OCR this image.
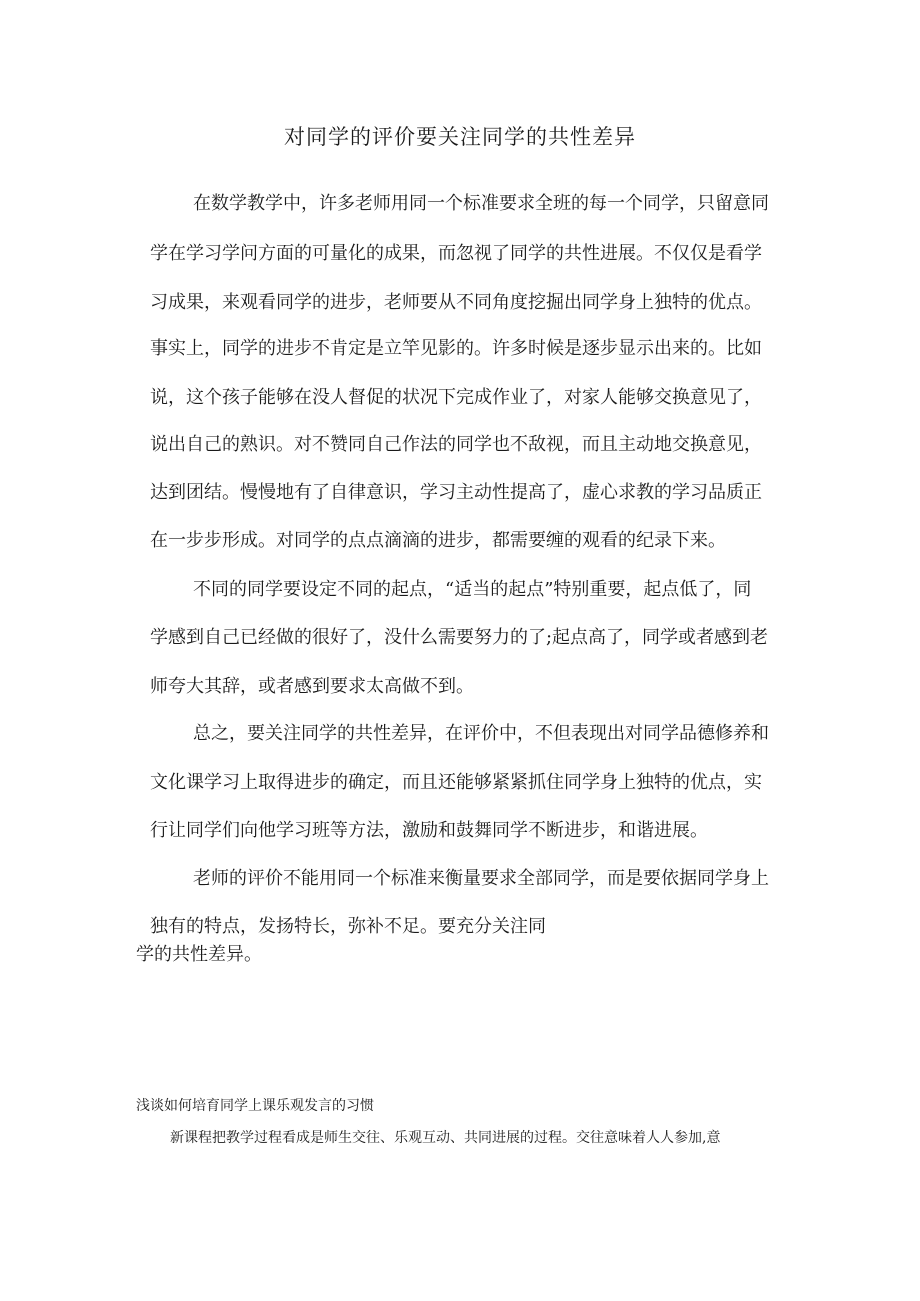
对同学的评价要关注同学的共性差异
在数学教学中，许多老师用同一个标准要求全班的每一个同学，只留意同
学在学习学问方面的可量化的成果，而忽视了同学的共性进展。不仅仅是看学
习成果，来观看同学的进步，老师要从不同角度挖掘出同学身上独特的优点。
事实上，同学的进步不肯定是立竿见影的。许多时候是逐步显示出来的。比如
说，这个孩子能够在没人督促的状况下完成作业了，对家人能够交换意见了，
说出自己的熟识。对不赞同自己作法的同学也不敌视，而且主动地交换意见，
达到团结。慢慢地有了自律意识，学习主动性提高了，虚心求教的学习品质正
在一步步形成。对同学的点点滴滴的进步，都需要缠的观看的纪录下来。
不同的同学要设定不同的起点，“适当的起点”特别重要，起点低了，同
学感到自己已经做的很好了，没什么需要努力的了;起点高了，同学或者感到老
师夸大其辞，或者感到要求太高做不到。
总之，要关注同学的共性差异，在评价中，不但表现出对同学品德修养和
文化课学习上取得进步的确定，而且还能够紧紧抓住同学身上独特的优点，实
行让同学们向他学习班等方法，激励和鼓舞同学不断进步，和谐进展。
老师的评价不能用同一个标准来衡量要求全部同学，而是要依据同学身上
独有的特点，发扬特长，弥补不足。要充分关注同
学的共性差异。
浅谈如何培育同学上课乐观发言的习惯
新课程把教学过程看成是师生交往、乐观互动、共同进展的过程。交往意味着人人参加,意
